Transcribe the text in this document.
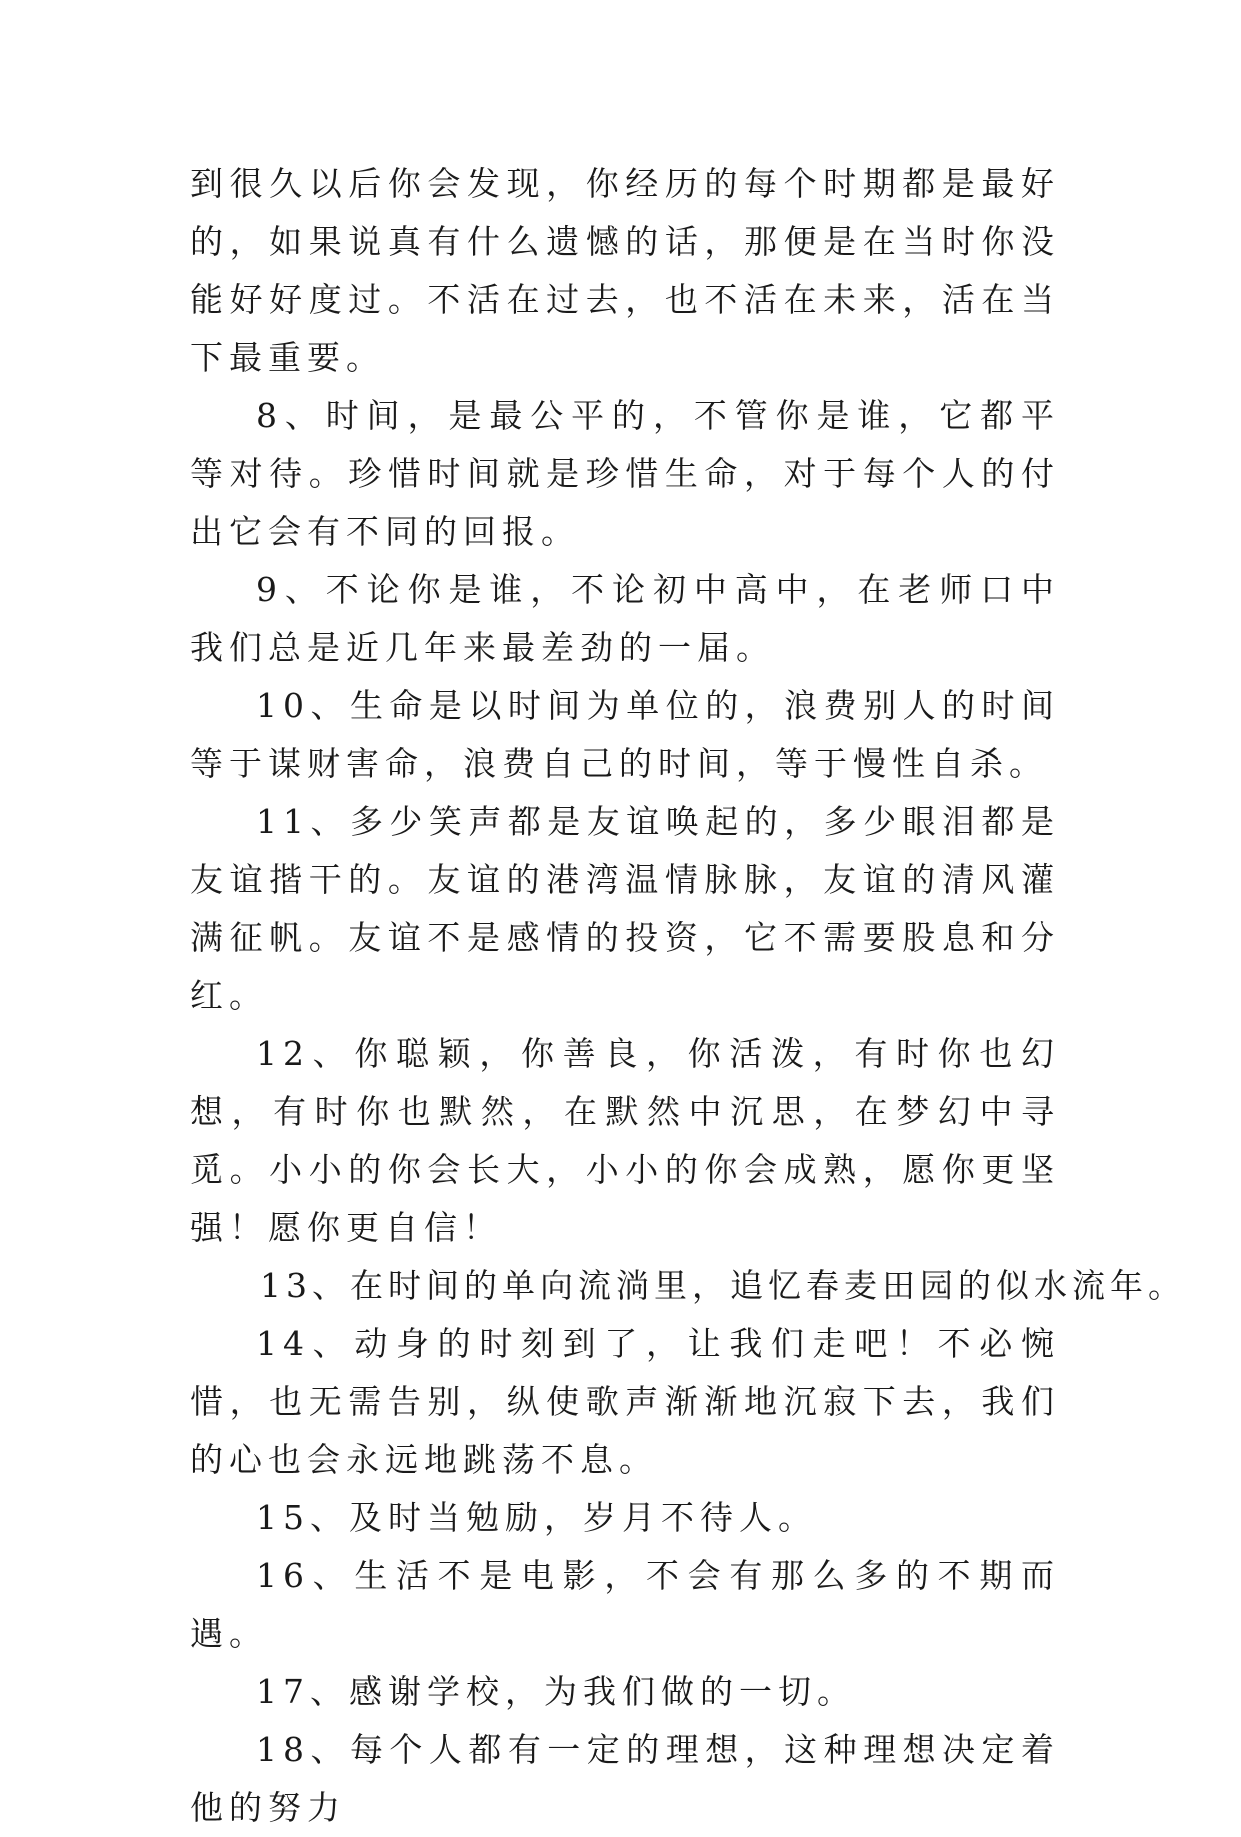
到很久以后你会发现，你经历的每个时期都是最好的，如果说真有什么遗憾的话，那便是在当时你没能好好度过。不活在过去，也不活在未来，活在当下最重要。

8、时间，是最公平的，不管你是谁，它都平等对待。珍惜时间就是珍惜生命，对于每个人的付出它会有不同的回报。

9、不论你是谁，不论初中高中，在老师口中我们总是近几年来最差劲的一届。

10、生命是以时间为单位的，浪费别人的时间等于谋财害命，浪费自己的时间，等于慢性自杀。

11、多少笑声都是友谊唤起的，多少眼泪都是友谊揩干的。友谊的港湾温情脉脉，友谊的清风灌满征帆。友谊不是感情的投资，它不需要股息和分红。

12、你聪颖，你善良，你活泼，有时你也幻想，有时你也默然，在默然中沉思，在梦幻中寻觅。小小的你会长大，小小的你会成熟，愿你更坚强！愿你更自信！

13、在时间的单向流淌里，追忆春麦田园的似水流年。

14、动身的时刻到了，让我们走吧！不必惋惜，也无需告别，纵使歌声渐渐地沉寂下去，我们的心也会永远地跳荡不息。

15、及时当勉励，岁月不待人。

16、生活不是电影，不会有那么多的不期而遇。

17、感谢学校，为我们做的一切。

18、每个人都有一定的理想，这种理想决定着他的努力
